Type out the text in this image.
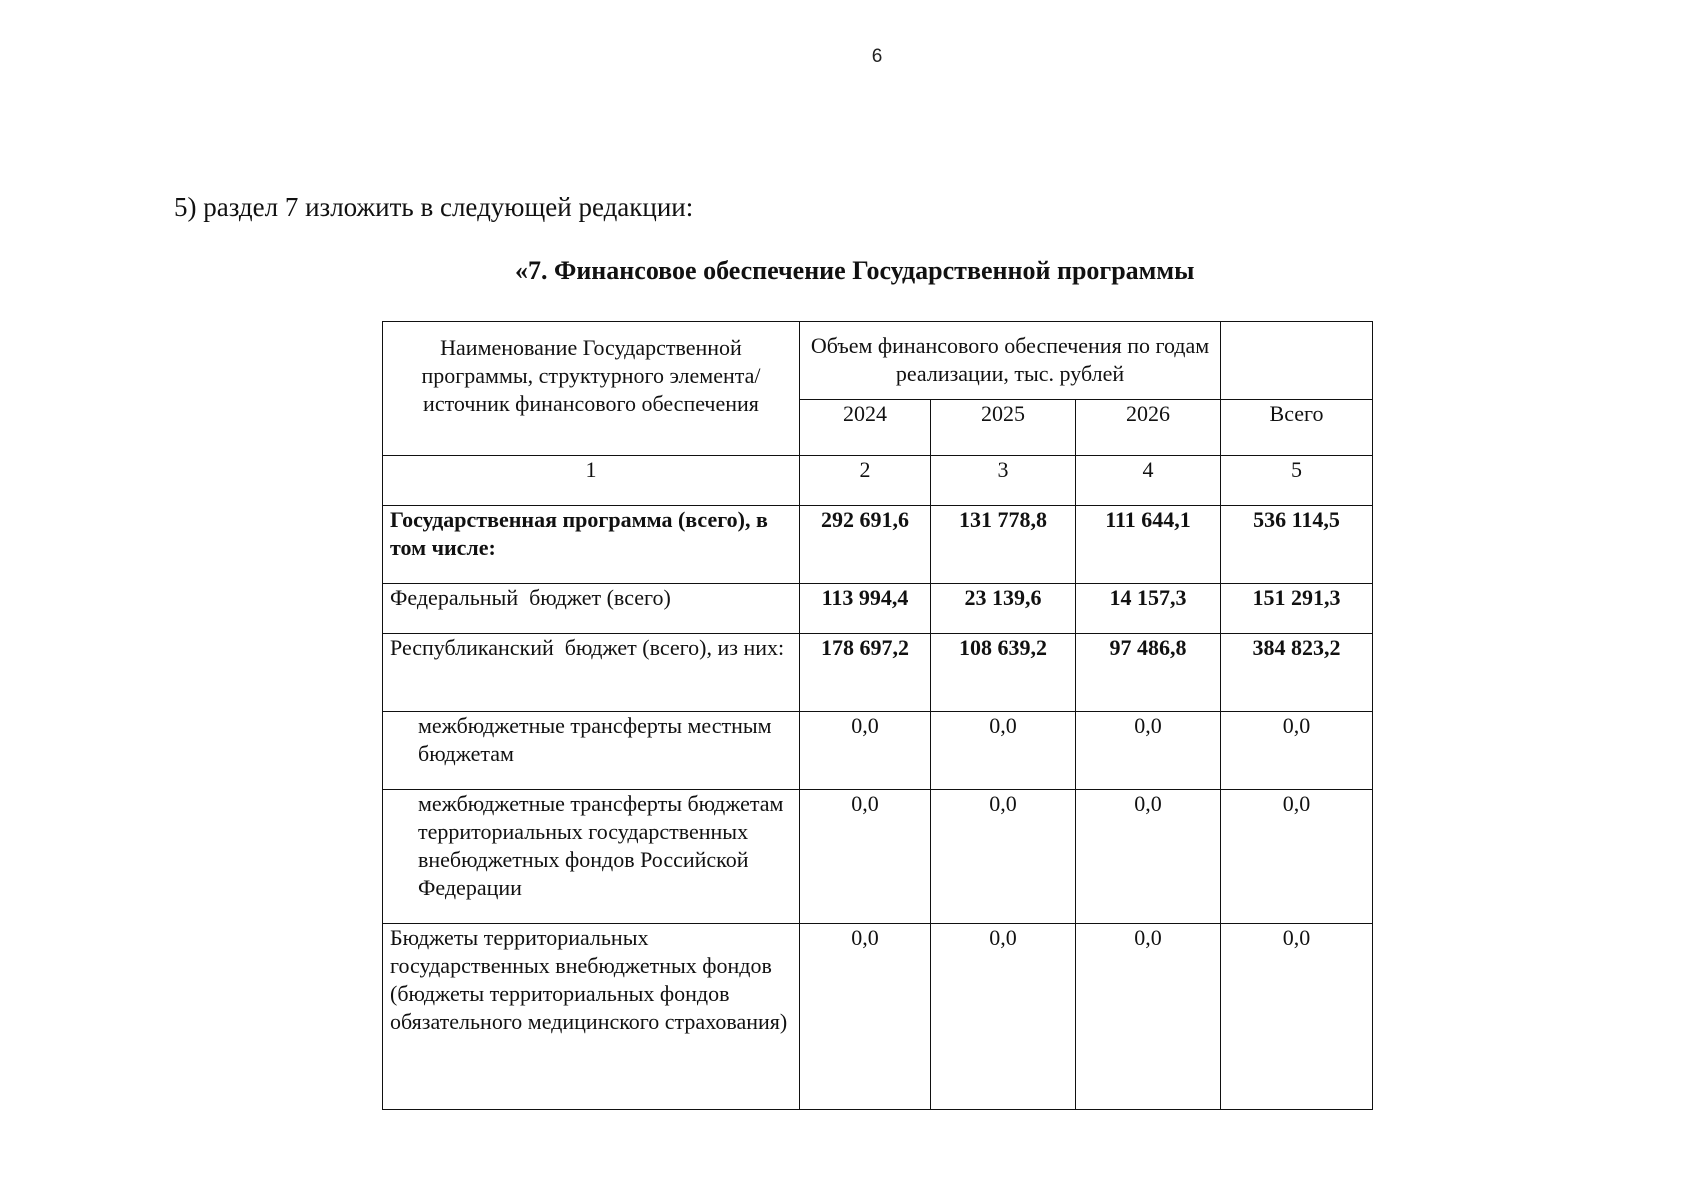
6
5) раздел 7 изложить в следующей редакции:
«7. Финансовое обеспечение Государственной программы
Наименование Государственной программы, структурного элемента/источник финансового обеспечения	Объем финансового обеспечения по годам реализации, тыс. рублей			
	2024	2025	2026	Всего
1	2	3	4	5
Государственная программа (всего), в том числе:	292 691,6	131 778,8	111 644,1	536 114,5
Федеральный  бюджет (всего)	113 994,4	23 139,6	14 157,3	151 291,3
Республиканский  бюджет (всего), из них:	178 697,2	108 639,2	97 486,8	384 823,2
межбюджетные трансферты местным бюджетам	0,0	0,0	0,0	0,0
межбюджетные трансферты бюджетам территориальных государственных внебюджетных фондов Российской Федерации	0,0	0,0	0,0	0,0
Бюджеты территориальных государственных внебюджетных фондов (бюджеты территориальных фондов обязательного медицинского страхования)	0,0	0,0	0,0	0,0
